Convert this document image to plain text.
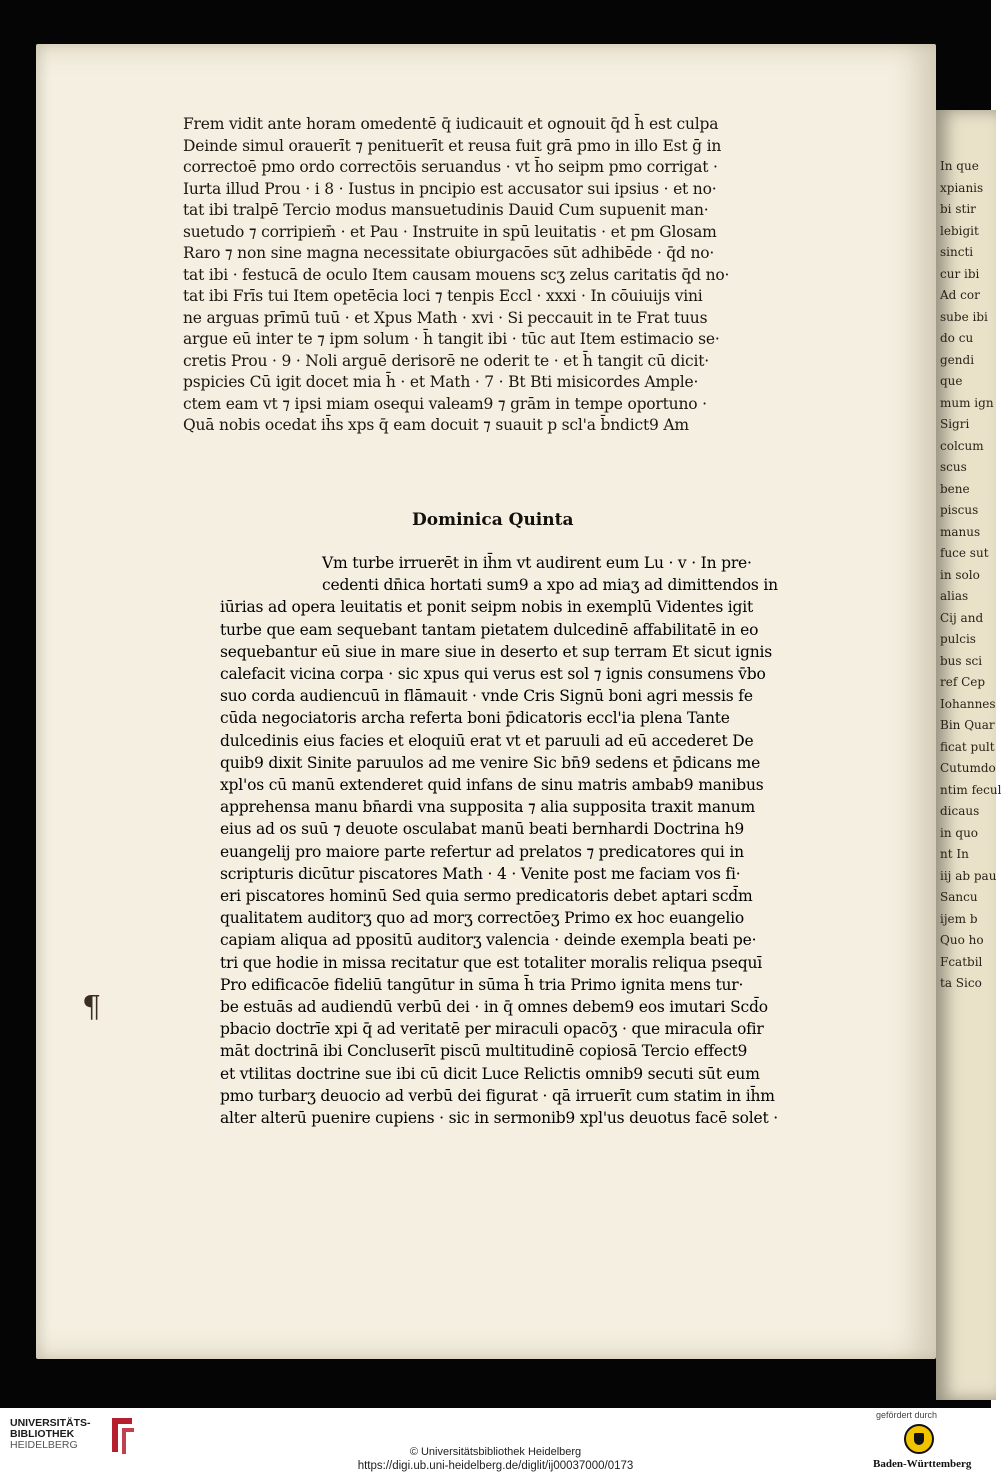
Frem vidit ante horam omedentē q̄ iudicauit et ognouit q̄d h̄ est culpa
Deinde simul orauerīt ⁊ penituerīt et reusa fuit grā pmo in illo Est ḡ in
correctoē pmo ordo correctōis seruandus · vt h̄o seipm pmo corrigat ·
Iurta illud Prou · i 8 · Iustus in pncipio est accusator sui ipsius · et no·
tat ibi tralpē Tercio modus mansuetudinis Dauid Cum supuenit man·
suetudo ⁊ corripiem̄ · et Pau · Instruite in spū leuitatis · et pm Glosam
Raro ⁊ non sine magna necessitate obiurgacōes sūt adhibēde · q̄d no·
tat ibi · festucā de oculo Item causam mouens scʒ zelus caritatis q̄d no·
tat ibi Frīs tui Item opetēcia loci ⁊ tenpis Eccl · xxxi · In cōuiuijs vini
ne arguas prīmū tuū · et Xpus Math · xvi · Si peccauit in te Frat tuus
argue eū inter te ⁊ ipm solum · h̄ tangit ibi · tūc aut Item estimacio se·
cretis Prou · 9 · Noli arguē derisorē ne oderit te · et h̄ tangit cū dicit·
pspicies Cū igit docet mia h̄ · et Math · 7 · Bt Bti misicordes Ample·
ctem eam vt ⁊ ipsi miam osequi valeam9 ⁊ grām in tempe oportuno ·
Quā nobis ocedat ih̄s xps q̄ eam docuit ⁊ suauit p scl'a b̄ndict9 Am
Dominica Quinta
Vm turbe irruerēt in ih̄m vt audirent eum Lu · v · In pre·
cedenti dn̄ica hortati sum9 a xpo ad miaʒ ad dimittendos in
iūrias ad opera leuitatis et ponit seipm nobis in exemplū Videntes igit
turbe que eam sequebant tantam pietatem dulcedinē affabilitatē in eo
sequebantur eū siue in mare siue in deserto et sup terram Et sicut ignis
calefacit vicina corpa · sic xpus qui verus est sol ⁊ ignis consumens v̄bo
suo corda audiencuū in flāmauit · vnde Cris Signū boni agri messis fe
cūda negociatoris archa referta boni p̄dicatoris eccl'ia plena Tante
dulcedinis eius facies et eloquiū erat vt et paruuli ad eū accederet De
quib9 dixit Sinite paruulos ad me venire Sic bn̄9 sedens et p̄dicans me
xpl'os cū manū extenderet quid infans de sinu matris ambab9 manibus
apprehensa manu bn̄ardi vna supposita ⁊ alia supposita traxit manum
eius ad os suū ⁊ deuote osculabat manū beati bernhardi Doctrina h9
euangelij pro maiore parte refertur ad prelatos ⁊ predicatores qui in
scripturis dicūtur piscatores Math · 4 · Venite post me faciam vos fi·
eri piscatores hominū Sed quia sermo predicatoris debet aptari scd̄m
qualitatem auditorʒ quo ad morʒ correctōeʒ Primo ex hoc euangelio
capiam aliqua ad ppositū auditorʒ valencia · deinde exempla beati pe·
tri que hodie in missa recitatur que est totaliter moralis reliqua psequī
Pro edificacōe fideliū tangūtur in sūma h̄ tria Primo ignita mens tur·
be estuās ad audiendū verbū dei · in q̄ omnes debem9 eos imutari Scd̄o
pbacio doctrīe xpi q̄ ad veritatē per miraculi opacōʒ · que miracula ofir
māt doctrinā ibi Concluserīt piscū multitudinē copiosā Tercio effect9
et vtilitas doctrine sue ibi cū dicit Luce Relictis omnib9 secuti sūt eum
pmo turbarʒ deuocio ad verbū dei figurat · qā irruerīt cum statim in ih̄m
alter alterū puenire cupiens · sic in sermonib9 xpl'us deuotus facē solet ·
¶
In que
xpianis
bi stir
lebigit
sincti
cur ibi
Ad cor
sube ibi
do cu
gendi
que
mum ign
Sigri
colcum
scus
bene
piscus
manus
fuce sut
in solo
alias
Cij and
pulcis
bus sci
ref Cep
Iohannes
Bin Quar
ficat pult
Cutumdo
ntim fecul
dicaus
in quo
nt In
iij ab pau
Sancu
ijem b
Quo ho
Fcatbil
ta Sico
UNIVERSITÄTS-
BIBLIOTHEK
HEIDELBERG
© Universitätsbibliothek Heidelberg
https://digi.ub.uni-heidelberg.de/diglit/ij00037000/0173
gefördert durch
Baden-Württemberg
